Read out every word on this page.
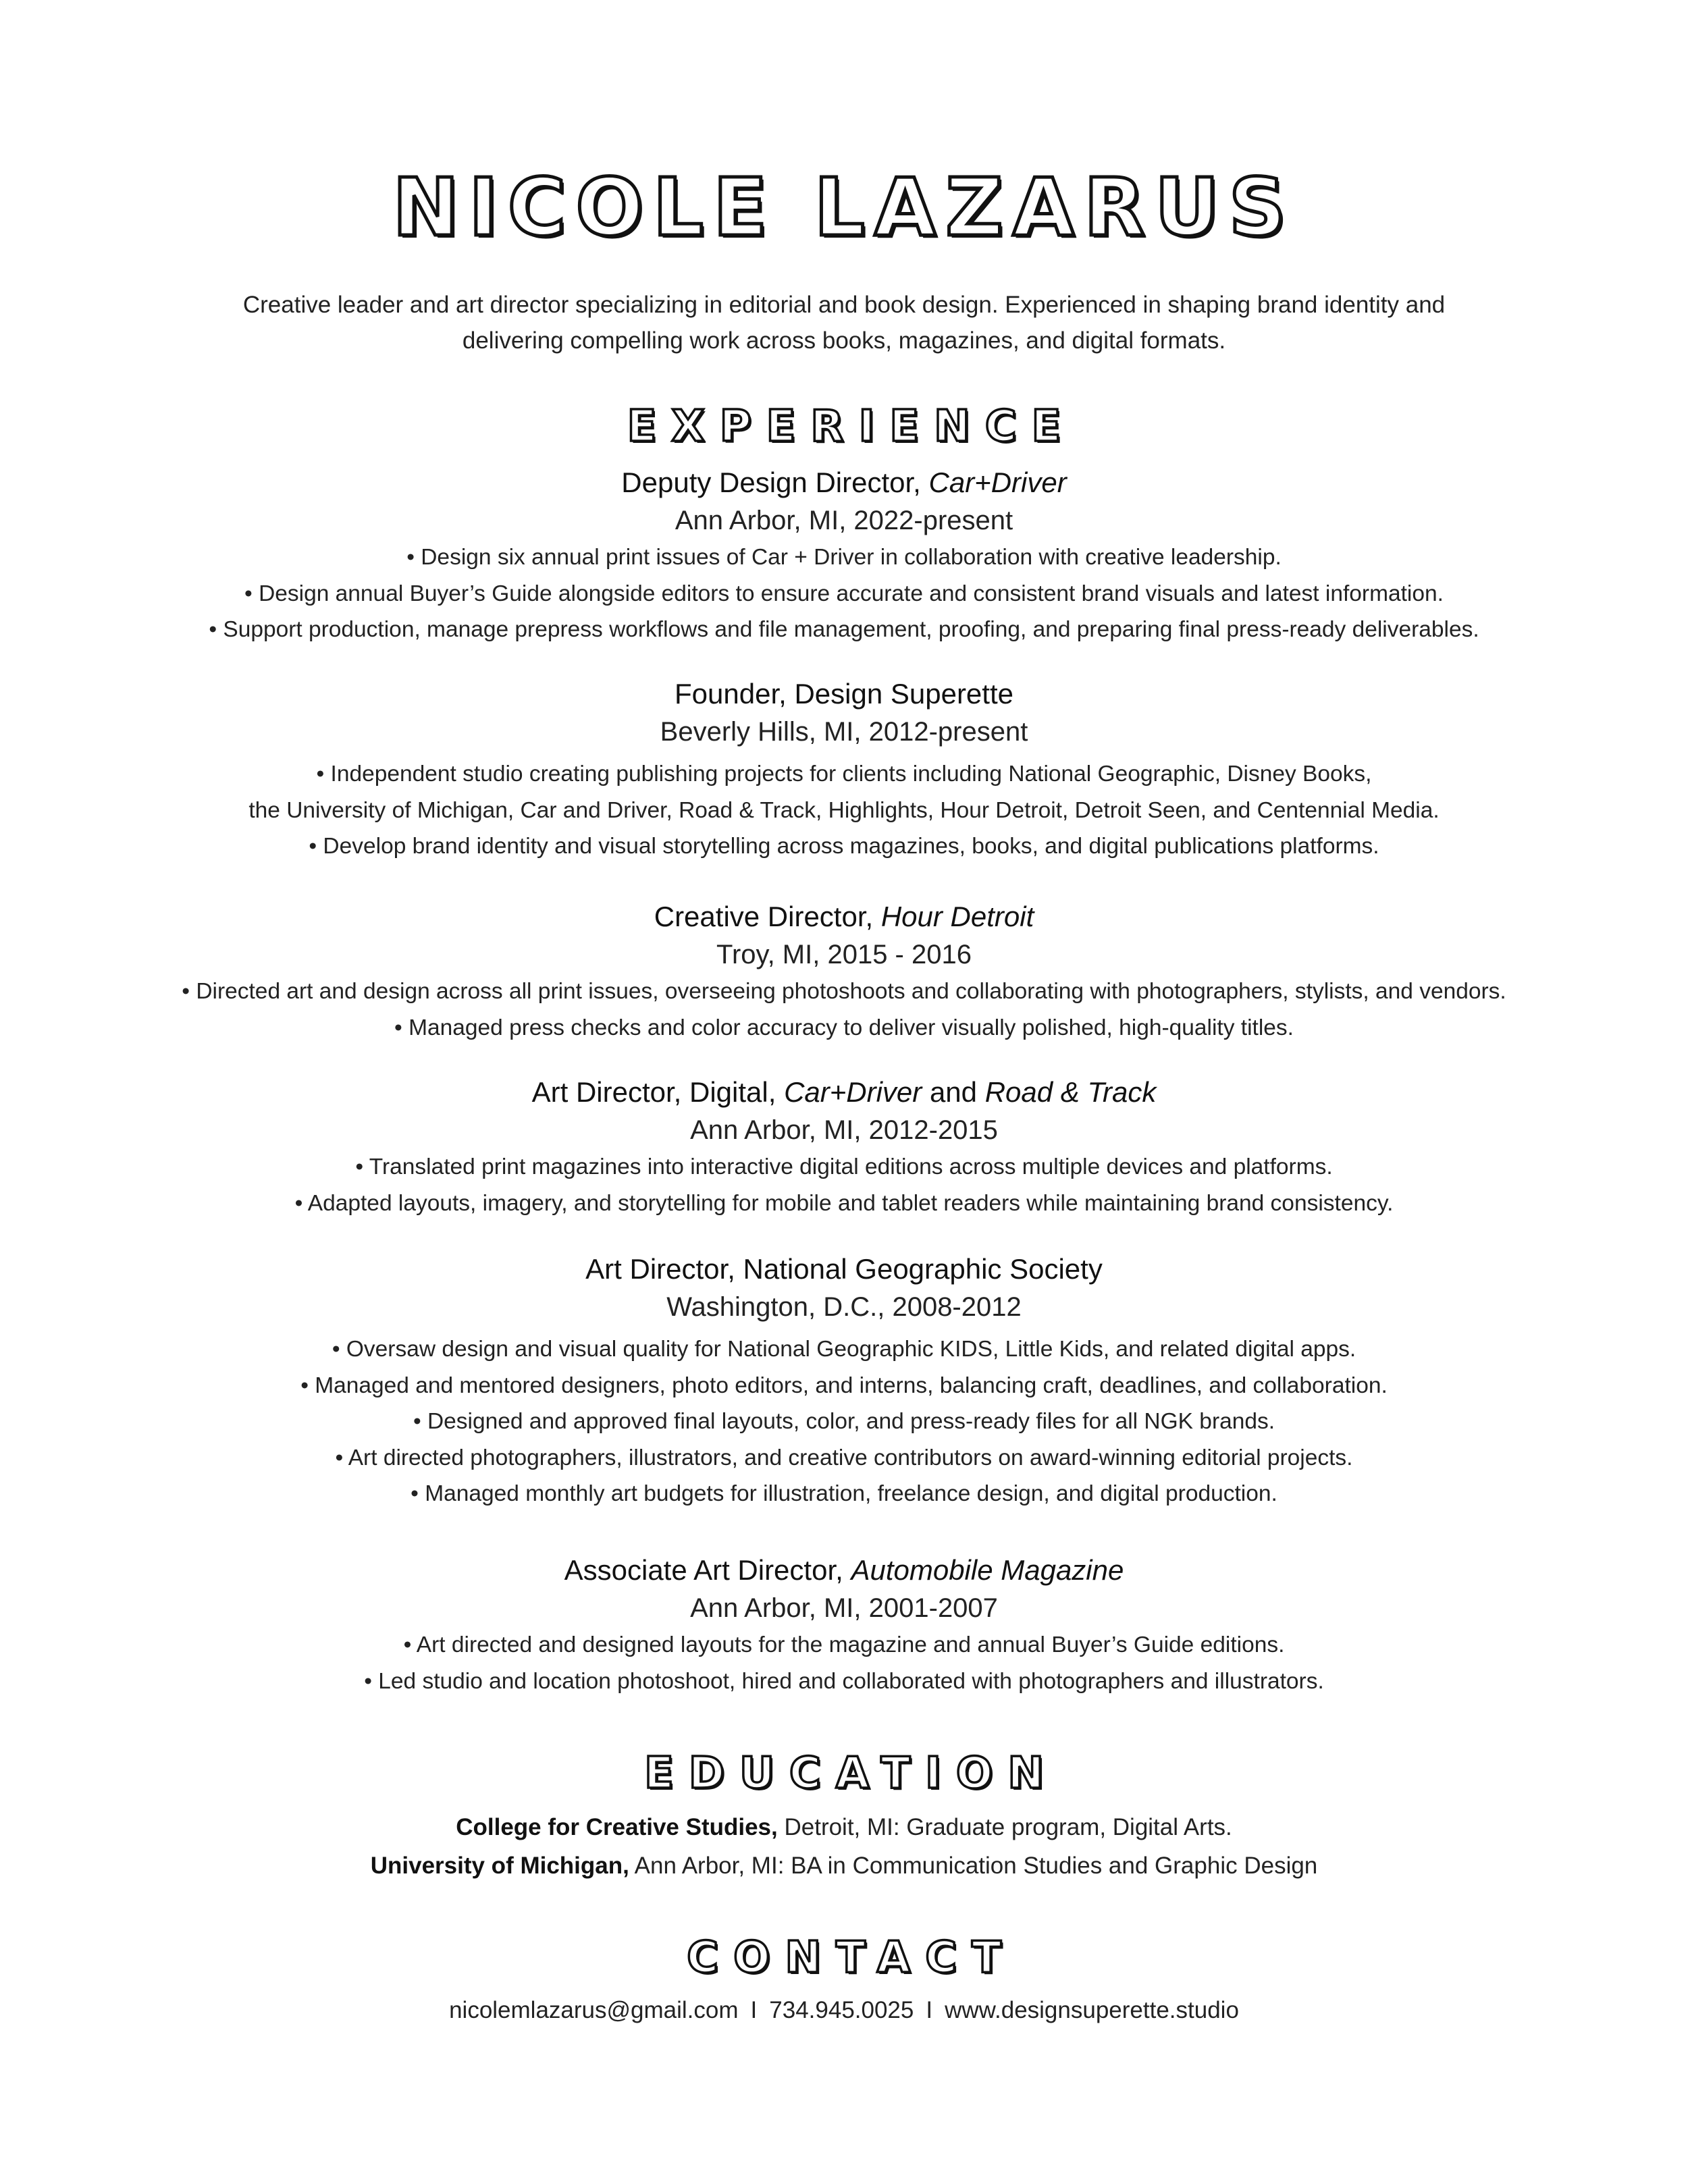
NICOLE LAZARUS

Creative leader and art director specializing in editorial and book design. Experienced in shaping brand identity and delivering compelling work across books, magazines, and digital formats.

EXPERIENCE

Deputy Design Director, Car+Driver

Ann Arbor, MI, 2022-present

• Design six annual print issues of Car + Driver in collaboration with creative leadership.
• Design annual Buyer’s Guide alongside editors to ensure accurate and consistent brand visuals and latest information.
• Support production, manage prepress workflows and file management, proofing, and preparing final press-ready deliverables.

Founder, Design Superette

Beverly Hills, MI, 2012-present

• Independent studio creating publishing projects for clients including National Geographic, Disney Books,
the University of Michigan, Car and Driver, Road & Track, Highlights, Hour Detroit, Detroit Seen, and Centennial Media.
• Develop brand identity and visual storytelling across magazines, books, and digital publications platforms.

Creative Director, Hour Detroit

Troy, MI, 2015 - 2016

• Directed art and design across all print issues, overseeing photoshoots and collaborating with photographers, stylists, and vendors.
• Managed press checks and color accuracy to deliver visually polished, high-quality titles.

Art Director, Digital, Car+Driver and Road & Track

Ann Arbor, MI, 2012-2015

• Translated print magazines into interactive digital editions across multiple devices and platforms.
• Adapted layouts, imagery, and storytelling for mobile and tablet readers while maintaining brand consistency.

Art Director, National Geographic Society

Washington, D.C., 2008-2012

• Oversaw design and visual quality for National Geographic KIDS, Little Kids, and related digital apps.
• Managed and mentored designers, photo editors, and interns, balancing craft, deadlines, and collaboration.
• Designed and approved final layouts, color, and press-ready files for all NGK brands.
• Art directed photographers, illustrators, and creative contributors on award-winning editorial projects.
• Managed monthly art budgets for illustration, freelance design, and digital production.

Associate Art Director, Automobile Magazine

Ann Arbor, MI, 2001-2007

• Art directed and designed layouts for the magazine and annual Buyer’s Guide editions.
• Led studio and location photoshoot, hired and collaborated with photographers and illustrators.
EDUCATION

College for Creative Studies, Detroit, MI: Graduate program, Digital Arts.

University of Michigan, Ann Arbor, MI: BA in Communication Studies and Graphic Design

CONTACT

nicolemlazarus@gmail.com I 734.945.0025 I www.designsuperette.studio
